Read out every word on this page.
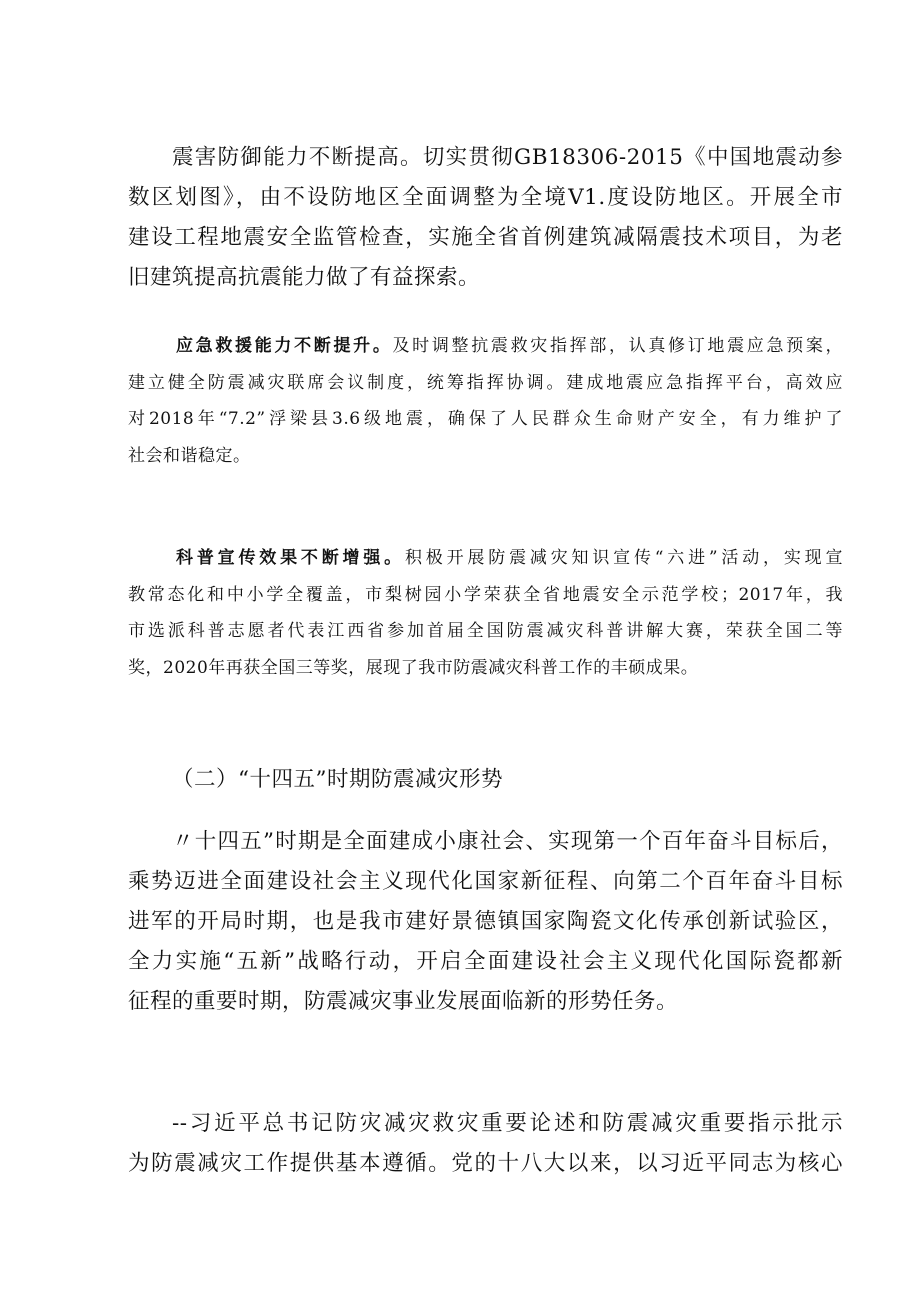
震害防御能力不断提高。切实贯彻GB18306-2015《中国地震动参
数区划图》，由不设防地区全面调整为全境V1.度设防地区。开展全市
建设工程地震安全监管检查，实施全省首例建筑减隔震技术项目，为老
旧建筑提高抗震能力做了有益探索。
应急救援能力不断提升。及时调整抗震救灾指挥部，认真修订地震应急预案，
建立健全防震减灾联席会议制度，统筹指挥协调。建成地震应急指挥平台，高效应
对2018年“7.2”浮梁县3.6级地震，确保了人民群众生命财产安全，有力维护了
社会和谐稳定。
科普宣传效果不断增强。积极开展防震减灾知识宣传“六进”活动，实现宣
教常态化和中小学全覆盖，市梨树园小学荣获全省地震安全示范学校；2017年，我
市选派科普志愿者代表江西省参加首届全国防震减灾科普讲解大赛，荣获全国二等
奖，2020年再获全国三等奖，展现了我市防震减灾科普工作的丰硕成果。
（二）“十四五”时期防震减灾形势
〃十四五”时期是全面建成小康社会、实现第一个百年奋斗目标后，
乘势迈进全面建设社会主义现代化国家新征程、向第二个百年奋斗目标
进军的开局时期，也是我市建好景德镇国家陶瓷文化传承创新试验区，
全力实施“五新”战略行动，开启全面建设社会主义现代化国际瓷都新
征程的重要时期，防震减灾事业发展面临新的形势任务。
--习近平总书记防灾减灾救灾重要论述和防震减灾重要指示批示
为防震减灾工作提供基本遵循。党的十八大以来，以习近平同志为核心
